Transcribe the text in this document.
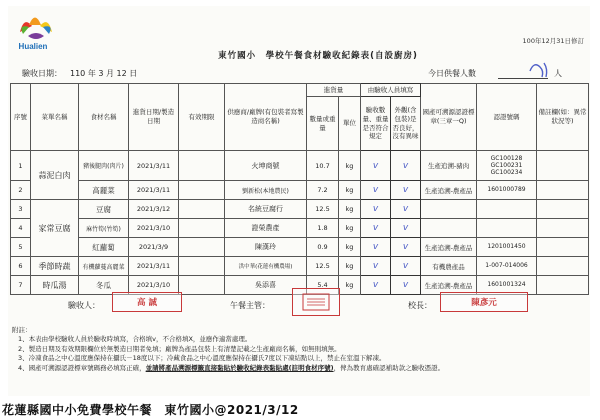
Hualien
100年12月31日修訂
東竹國小　學校午餐食材驗收紀錄表(自設廚房)
驗收日期： 110 年 3 月 12 日	今日供餐人數	人
序號	菜單名稱	食材名稱	進貨日期/製造日期	有效期限	供應商/廠牌(有包裝者寫製造商名稱)	進貨量		由驗收人員填寫		國產可溯源認證標章(三章一Q)	認證號碼	備註欄(如：異常狀況等)
						數量或重量	單位	驗收數量、重量是否符合規定	外觀(含包裝)是否良好，沒有異味			
1	蒜泥白肉	豬後腿肉(肉片)	2021/3/11		火坤商號	10.7	kg	v	v	生產追溯-豬肉	GC100128 GC100231 GC100234	
2		高麗菜	2021/3/11		劉新松(本地農民)	7.2	kg	v	v	生產追溯-農產品	1601000789	
3	家常豆腐	豆腐	2021/3/12		名統豆腐行	12.5	kg	v	v			
4		麻竹筍(竹筍)	2021/3/10		證榮農產	1.8	kg	v	v			
5		紅蘿蔔	2021/3/9		陳漢玲	0.9	kg	v	v	生產追溯-農產品	1201001450	
6	季節時蔬	有機蘿蔓高麗菜	2021/3/11		洪中華(花蓮有機農場)	12.5	kg	v	v	有機農產品	1-007-014006	
7	時瓜湯	冬瓜	2021/3/10		吳添喜	5.4	kg	v	v	生產追溯-農產品	1601001324	
驗收人：	高 誠	午餐主管：	校長：	陳彥元
附註：
1、本表由學校驗收人員於驗收時填寫，合格填v，不合格填X，並應作適當處理。
2、製造日期及有效期限欄位於無製造日期者免填；廠牌為產品包裝上有清楚記載之生產廠商名稱，如無則填無。
3、冷凍食品之中心溫度應保持在攝氏－18度以下；冷藏食品之中心溫度應保持在攝氏7度以下凍結點以上，禁止在室溫下解凍。
4、國產可溯源認證標章號碼務必填寫正確，並請將產品溯源標籤直接黏貼於驗收紀錄表黏貼處(註明食材序號)，俾為教育處確認補助款之驗收憑證。
花蓮縣國中小免費學校午餐　東竹國小@2021/3/12
